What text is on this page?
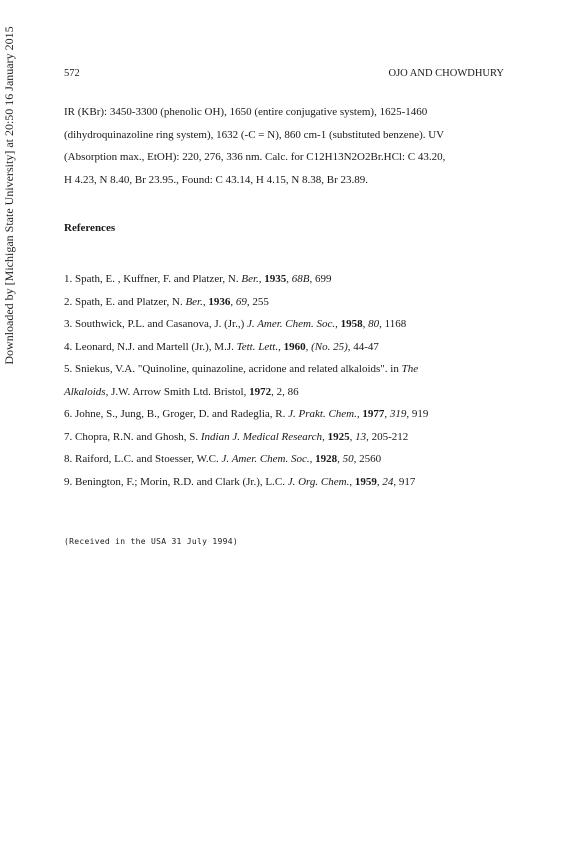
572	OJO AND CHOWDHURY

IR (KBr): 3450-3300 (phenolic OH), 1650 (entire conjugative system), 1625-1460

(dihydroquinazoline ring system), 1632 (-C = N), 860 cm-1 (substituted benzene). UV

(Absorption max., EtOH): 220, 276, 336 nm. Calc. for C12H13N2O2Br.HCl: C 43.20,

H 4.23, N 8.40, Br 23.95., Found: C 43.14, H 4.15, N 8.38, Br 23.89.

References

1. Spath, E. , Kuffner, F. and Platzer, N. Ber., 1935, 68B, 699

2. Spath, E. and Platzer, N. Ber., 1936, 69, 255

3. Southwick, P.L. and Casanova, J. (Jr.,) J. Amer. Chem. Soc., 1958, 80, 1168

4. Leonard, N.J. and Martell (Jr.), M.J. Tett. Lett., 1960, (No. 25), 44-47

5. Sniekus, V.A. "Quinoline, quinazoline, acridone and related alkaloids". in The

Alkaloids, J.W. Arrow Smith Ltd. Bristol, 1972, 2, 86

6. Johne, S., Jung, B., Groger, D. and Radeglia, R. J. Prakt. Chem., 1977, 319, 919

7. Chopra, R.N. and Ghosh, S. Indian J. Medical Research, 1925, 13, 205-212

8. Raiford, L.C. and Stoesser, W.C. J. Amer. Chem. Soc., 1928, 50, 2560

9. Benington, F.; Morin, R.D. and Clark (Jr.), L.C. J. Org. Chem., 1959, 24, 917

(Received in the USA 31 July 1994)
Downloaded by [Michigan State University] at 20:50 16 January 2015
